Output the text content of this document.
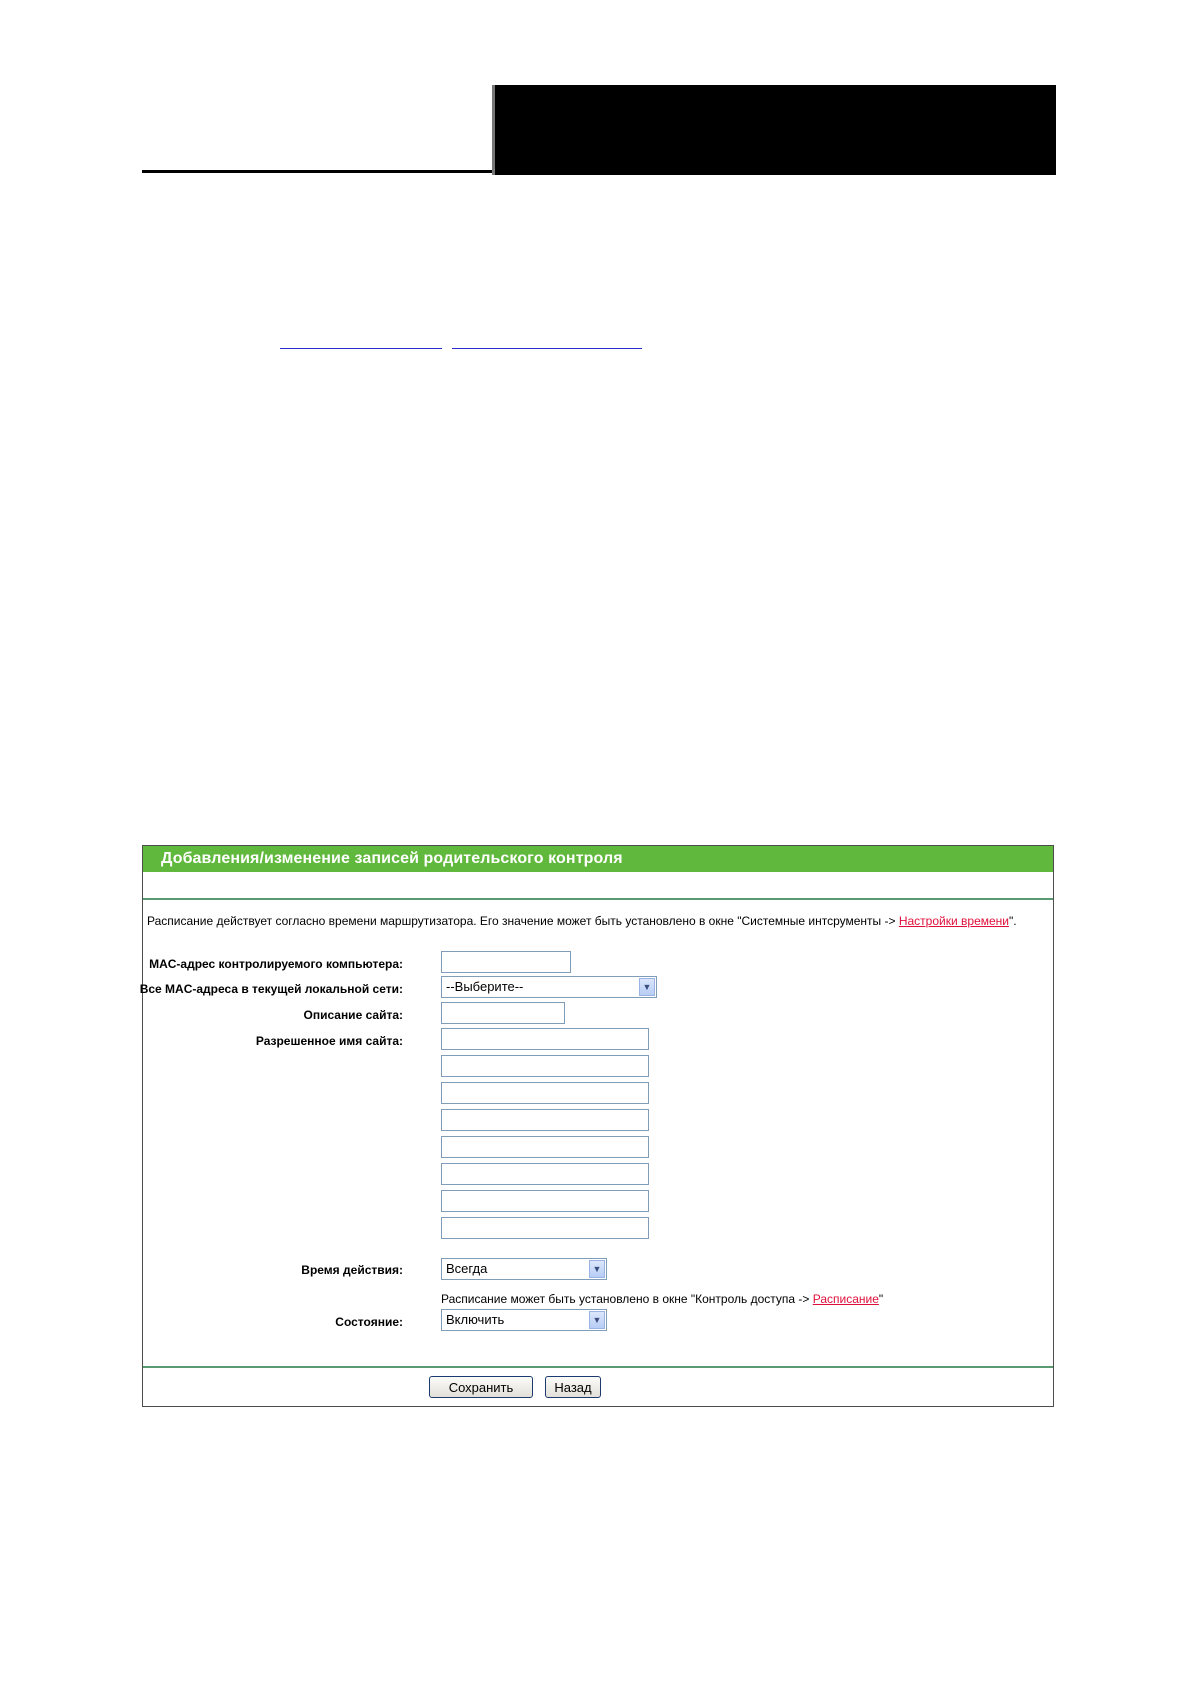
Добавления/изменение записей родительского контроля
Расписание действует согласно времени маршрутизатора. Его значение может быть установлено в окне "Системные интсрументы -> Настройки времени".
MAC-адрес контролируемого компьютера:
Все MAC-адреса в текущей локальной сети:	--Выберите--	▼
Описание сайта:
Разрешенное имя сайта:
Время действия:	Всегда	▼
Расписание может быть установлено в окне "Контроль доступа -> Расписание"
Состояние:	Включить	▼
Сохранить	Назад
